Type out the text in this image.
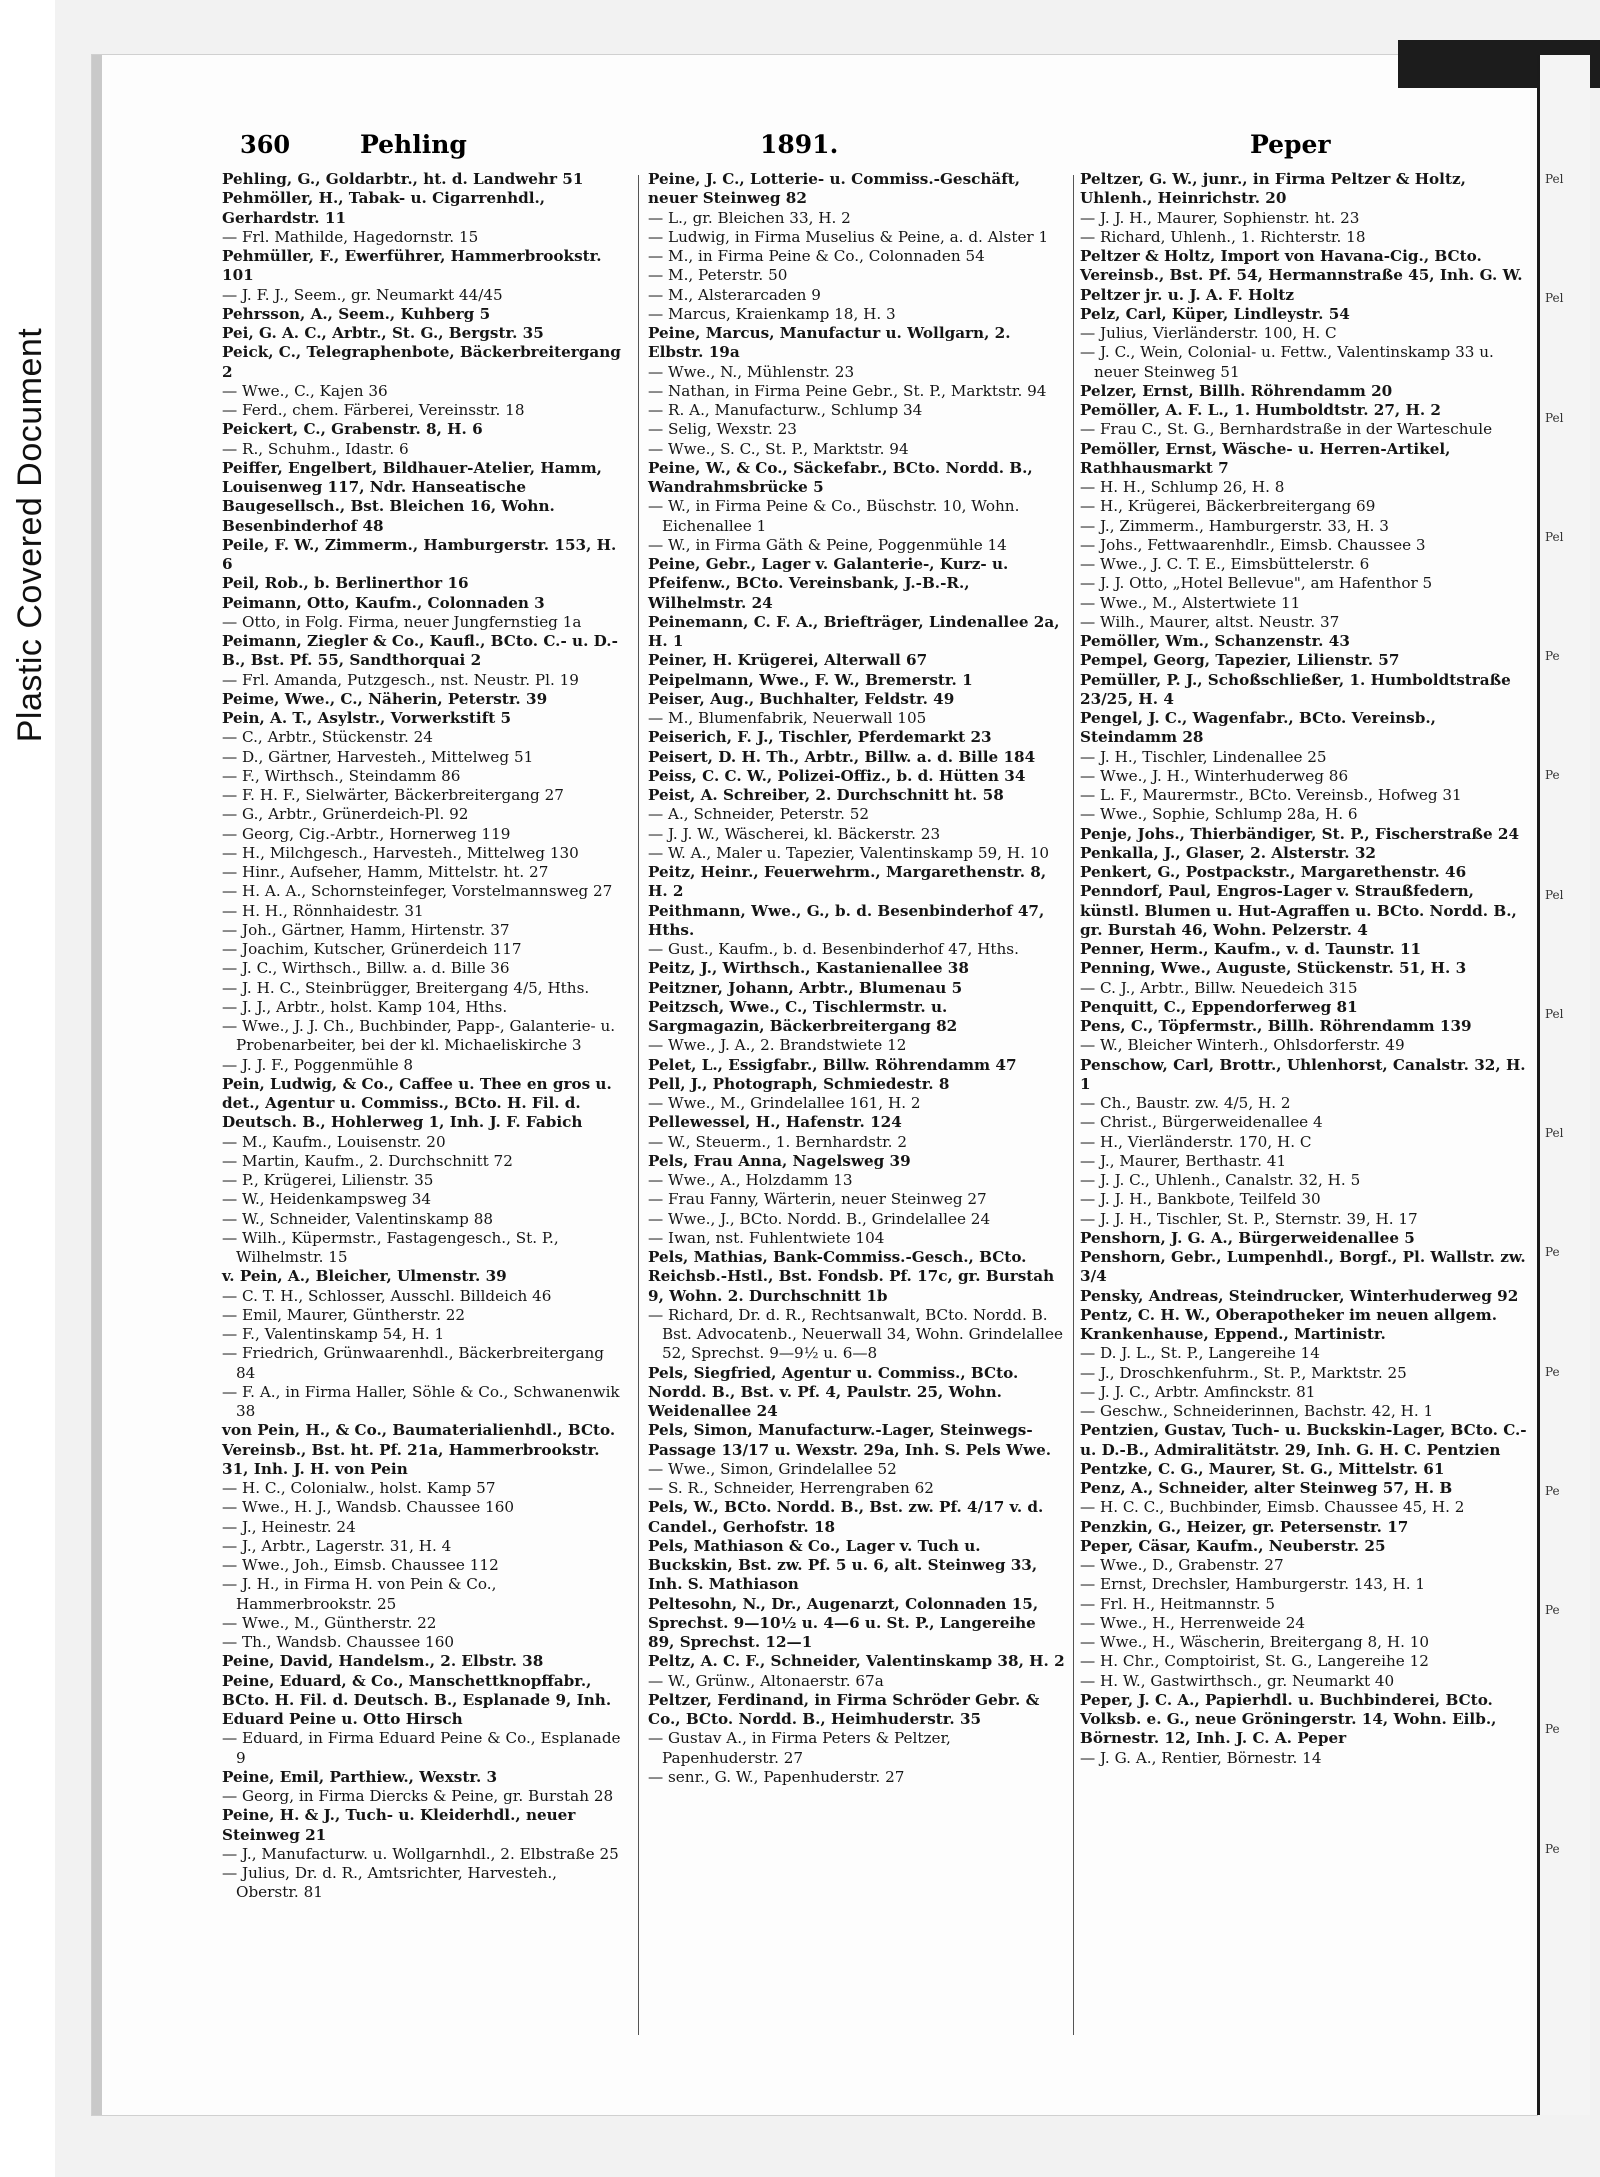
Plastic Covered Document
Pel
Pel
Pel
Pel
Pe
Pe
Pel
Pel
Pel
Pe
Pe
Pe
Pe
Pe
Pe
360	Pehling	1891.	Peper
Pehling, G., Goldarbtr., ht. d. Landwehr 51
Pehmöller, H., Tabak- u. Cigarrenhdl., Gerhardstr. 11
— Frl. Mathilde, Hagedornstr. 15
Pehmüller, F., Ewerführer, Hammerbrookstr. 101
— J. F. J., Seem., gr. Neumarkt 44/45
Pehrsson, A., Seem., Kuhberg 5
Pei, G. A. C., Arbtr., St. G., Bergstr. 35
Peick, C., Telegraphenbote, Bäckerbreitergang 2
— Wwe., C., Kajen 36
— Ferd., chem. Färberei, Vereinsstr. 18
Peickert, C., Grabenstr. 8, H. 6
— R., Schuhm., Idastr. 6
Peiffer, Engelbert, Bildhauer-Atelier, Hamm, Louisenweg 117, Ndr. Hanseatische Baugesellsch., Bst. Bleichen 16, Wohn. Besenbinderhof 48
Peile, F. W., Zimmerm., Hamburgerstr. 153, H. 6
Peil, Rob., b. Berlinerthor 16
Peimann, Otto, Kaufm., Colonnaden 3
— Otto, in Folg. Firma, neuer Jungfernstieg 1a
Peimann, Ziegler & Co., Kaufl., BCto. C.- u. D.-B., Bst. Pf. 55, Sandthorquai 2
— Frl. Amanda, Putzgesch., nst. Neustr. Pl. 19
Peime, Wwe., C., Näherin, Peterstr. 39
Pein, A. T., Asylstr., Vorwerkstift 5
— C., Arbtr., Stückenstr. 24
— D., Gärtner, Harvesteh., Mittelweg 51
— F., Wirthsch., Steindamm 86
— F. H. F., Sielwärter, Bäckerbreitergang 27
— G., Arbtr., Grünerdeich-Pl. 92
— Georg, Cig.-Arbtr., Hornerweg 119
— H., Milchgesch., Harvesteh., Mittelweg 130
— Hinr., Aufseher, Hamm, Mittelstr. ht. 27
— H. A. A., Schornsteinfeger, Vorstelmannsweg 27
— H. H., Rönnhaidestr. 31
— Joh., Gärtner, Hamm, Hirtenstr. 37
— Joachim, Kutscher, Grünerdeich 117
— J. C., Wirthsch., Billw. a. d. Bille 36
— J. H. C., Steinbrügger, Breitergang 4/5, Hths.
— J. J., Arbtr., holst. Kamp 104, Hths.
— Wwe., J. J. Ch., Buchbinder, Papp-, Galanterie- u. Probenarbeiter, bei der kl. Michaeliskirche 3
— J. J. F., Poggenmühle 8
Pein, Ludwig, & Co., Caffee u. Thee en gros u. det., Agentur u. Commiss., BCto. H. Fil. d. Deutsch. B., Hohlerweg 1, Inh. J. F. Fabich
— M., Kaufm., Louisenstr. 20
— Martin, Kaufm., 2. Durchschnitt 72
— P., Krügerei, Lilienstr. 35
— W., Heidenkampsweg 34
— W., Schneider, Valentinskamp 88
— Wilh., Küpermstr., Fastagengesch., St. P., Wilhelmstr. 15
v. Pein, A., Bleicher, Ulmenstr. 39
— C. T. H., Schlosser, Ausschl. Billdeich 46
— Emil, Maurer, Güntherstr. 22
— F., Valentinskamp 54, H. 1
— Friedrich, Grünwaarenhdl., Bäckerbreitergang 84
— F. A., in Firma Haller, Söhle & Co., Schwanenwik 38
von Pein, H., & Co., Baumaterialienhdl., BCto. Vereinsb., Bst. ht. Pf. 21a, Hammerbrookstr. 31, Inh. J. H. von Pein
— H. C., Colonialw., holst. Kamp 57
— Wwe., H. J., Wandsb. Chaussee 160
— J., Heinestr. 24
— J., Arbtr., Lagerstr. 31, H. 4
— Wwe., Joh., Eimsb. Chaussee 112
— J. H., in Firma H. von Pein & Co., Hammerbrookstr. 25
— Wwe., M., Güntherstr. 22
— Th., Wandsb. Chaussee 160
Peine, David, Handelsm., 2. Elbstr. 38
Peine, Eduard, & Co., Manschettknopffabr., BCto. H. Fil. d. Deutsch. B., Esplanade 9, Inh. Eduard Peine u. Otto Hirsch
— Eduard, in Firma Eduard Peine & Co., Esplanade 9
Peine, Emil, Parthiew., Wexstr. 3
— Georg, in Firma Diercks & Peine, gr. Burstah 28
Peine, H. & J., Tuch- u. Kleiderhdl., neuer Steinweg 21
— J., Manufacturw. u. Wollgarnhdl., 2. Elbstraße 25
— Julius, Dr. d. R., Amtsrichter, Harvesteh., Oberstr. 81
Peine, J. C., Lotterie- u. Commiss.-Geschäft, neuer Steinweg 82
— L., gr. Bleichen 33, H. 2
— Ludwig, in Firma Muselius & Peine, a. d. Alster 1
— M., in Firma Peine & Co., Colonnaden 54
— M., Peterstr. 50
— M., Alsterarcaden 9
— Marcus, Kraienkamp 18, H. 3
Peine, Marcus, Manufactur u. Wollgarn, 2. Elbstr. 19a
— Wwe., N., Mühlenstr. 23
— Nathan, in Firma Peine Gebr., St. P., Marktstr. 94
— R. A., Manufacturw., Schlump 34
— Selig, Wexstr. 23
— Wwe., S. C., St. P., Marktstr. 94
Peine, W., & Co., Säckefabr., BCto. Nordd. B., Wandrahmsbrücke 5
— W., in Firma Peine & Co., Büschstr. 10, Wohn. Eichenallee 1
— W., in Firma Gäth & Peine, Poggenmühle 14
Peine, Gebr., Lager v. Galanterie-, Kurz- u. Pfeifenw., BCto. Vereinsbank, J.-B.-R., Wilhelmstr. 24
Peinemann, C. F. A., Briefträger, Lindenallee 2a, H. 1
Peiner, H. Krügerei, Alterwall 67
Peipelmann, Wwe., F. W., Bremerstr. 1
Peiser, Aug., Buchhalter, Feldstr. 49
— M., Blumenfabrik, Neuerwall 105
Peiserich, F. J., Tischler, Pferdemarkt 23
Peisert, D. H. Th., Arbtr., Billw. a. d. Bille 184
Peiss, C. C. W., Polizei-Offiz., b. d. Hütten 34
Peist, A. Schreiber, 2. Durchschnitt ht. 58
— A., Schneider, Peterstr. 52
— J. J. W., Wäscherei, kl. Bäckerstr. 23
— W. A., Maler u. Tapezier, Valentinskamp 59, H. 10
Peitz, Heinr., Feuerwehrm., Margarethenstr. 8, H. 2
Peithmann, Wwe., G., b. d. Besenbinderhof 47, Hths.
— Gust., Kaufm., b. d. Besenbinderhof 47, Hths.
Peitz, J., Wirthsch., Kastanienallee 38
Peitzner, Johann, Arbtr., Blumenau 5
Peitzsch, Wwe., C., Tischlermstr. u. Sargmagazin, Bäckerbreitergang 82
— Wwe., J. A., 2. Brandstwiete 12
Pelet, L., Essigfabr., Billw. Röhrendamm 47
Pell, J., Photograph, Schmiedestr. 8
— Wwe., M., Grindelallee 161, H. 2
Pellewessel, H., Hafenstr. 124
— W., Steuerm., 1. Bernhardstr. 2
Pels, Frau Anna, Nagelsweg 39
— Wwe., A., Holzdamm 13
— Frau Fanny, Wärterin, neuer Steinweg 27
— Wwe., J., BCto. Nordd. B., Grindelallee 24
— Iwan, nst. Fuhlentwiete 104
Pels, Mathias, Bank-Commiss.-Gesch., BCto. Reichsb.-Hstl., Bst. Fondsb. Pf. 17c, gr. Burstah 9, Wohn. 2. Durchschnitt 1b
— Richard, Dr. d. R., Rechtsanwalt, BCto. Nordd. B. Bst. Advocatenb., Neuerwall 34, Wohn. Grindelallee 52, Sprechst. 9—9½ u. 6—8
Pels, Siegfried, Agentur u. Commiss., BCto. Nordd. B., Bst. v. Pf. 4, Paulstr. 25, Wohn. Weidenallee 24
Pels, Simon, Manufacturw.-Lager, Steinwegs-Passage 13/17 u. Wexstr. 29a, Inh. S. Pels Wwe.
— Wwe., Simon, Grindelallee 52
— S. R., Schneider, Herrengraben 62
Pels, W., BCto. Nordd. B., Bst. zw. Pf. 4/17 v. d. Candel., Gerhofstr. 18
Pels, Mathiason & Co., Lager v. Tuch u. Buckskin, Bst. zw. Pf. 5 u. 6, alt. Steinweg 33, Inh. S. Mathiason
Peltesohn, N., Dr., Augenarzt, Colonnaden 15, Sprechst. 9—10½ u. 4—6 u. St. P., Langereihe 89, Sprechst. 12—1
Peltz, A. C. F., Schneider, Valentinskamp 38, H. 2
— W., Grünw., Altonaerstr. 67a
Peltzer, Ferdinand, in Firma Schröder Gebr. & Co., BCto. Nordd. B., Heimhuderstr. 35
— Gustav A., in Firma Peters & Peltzer, Papenhuderstr. 27
— senr., G. W., Papenhuderstr. 27
Peltzer, G. W., junr., in Firma Peltzer & Holtz, Uhlenh., Heinrichstr. 20
— J. J. H., Maurer, Sophienstr. ht. 23
— Richard, Uhlenh., 1. Richterstr. 18
Peltzer & Holtz, Import von Havana-Cig., BCto. Vereinsb., Bst. Pf. 54, Hermannstraße 45, Inh. G. W. Peltzer jr. u. J. A. F. Holtz
Pelz, Carl, Küper, Lindleystr. 54
— Julius, Vierländerstr. 100, H. C
— J. C., Wein, Colonial- u. Fettw., Valentinskamp 33 u. neuer Steinweg 51
Pelzer, Ernst, Billh. Röhrendamm 20
Pemöller, A. F. L., 1. Humboldtstr. 27, H. 2
— Frau C., St. G., Bernhardstraße in der Warteschule
Pemöller, Ernst, Wäsche- u. Herren-Artikel, Rathhausmarkt 7
— H. H., Schlump 26, H. 8
— H., Krügerei, Bäckerbreitergang 69
— J., Zimmerm., Hamburgerstr. 33, H. 3
— Johs., Fettwaarenhdlr., Eimsb. Chaussee 3
— Wwe., J. C. T. E., Eimsbüttelerstr. 6
— J. J. Otto, „Hotel Bellevue", am Hafenthor 5
— Wwe., M., Alstertwiete 11
— Wilh., Maurer, altst. Neustr. 37
Pemöller, Wm., Schanzenstr. 43
Pempel, Georg, Tapezier, Lilienstr. 57
Pemüller, P. J., Schoßschließer, 1. Humboldtstraße 23/25, H. 4
Pengel, J. C., Wagenfabr., BCto. Vereinsb., Steindamm 28
— J. H., Tischler, Lindenallee 25
— Wwe., J. H., Winterhuderweg 86
— L. F., Maurermstr., BCto. Vereinsb., Hofweg 31
— Wwe., Sophie, Schlump 28a, H. 6
Penje, Johs., Thierbändiger, St. P., Fischerstraße 24
Penkalla, J., Glaser, 2. Alsterstr. 32
Penkert, G., Postpackstr., Margarethenstr. 46
Penndorf, Paul, Engros-Lager v. Straußfedern, künstl. Blumen u. Hut-Agraffen u. BCto. Nordd. B., gr. Burstah 46, Wohn. Pelzerstr. 4
Penner, Herm., Kaufm., v. d. Taunstr. 11
Penning, Wwe., Auguste, Stückenstr. 51, H. 3
— C. J., Arbtr., Billw. Neuedeich 315
Penquitt, C., Eppendorferweg 81
Pens, C., Töpfermstr., Billh. Röhrendamm 139
— W., Bleicher Winterh., Ohlsdorferstr. 49
Penschow, Carl, Brottr., Uhlenhorst, Canalstr. 32, H. 1
— Ch., Baustr. zw. 4/5, H. 2
— Christ., Bürgerweidenallee 4
— H., Vierländerstr. 170, H. C
— J., Maurer, Berthastr. 41
— J. J. C., Uhlenh., Canalstr. 32, H. 5
— J. J. H., Bankbote, Teilfeld 30
— J. J. H., Tischler, St. P., Sternstr. 39, H. 17
Penshorn, J. G. A., Bürgerweidenallee 5
Penshorn, Gebr., Lumpenhdl., Borgf., Pl. Wallstr. zw. 3/4
Pensky, Andreas, Steindrucker, Winterhuderweg 92
Pentz, C. H. W., Oberapotheker im neuen allgem. Krankenhause, Eppend., Martinistr.
— D. J. L., St. P., Langereihe 14
— J., Droschkenfuhrm., St. P., Marktstr. 25
— J. J. C., Arbtr. Amfinckstr. 81
— Geschw., Schneiderinnen, Bachstr. 42, H. 1
Pentzien, Gustav, Tuch- u. Buckskin-Lager, BCto. C.- u. D.-B., Admiralitätstr. 29, Inh. G. H. C. Pentzien
Pentzke, C. G., Maurer, St. G., Mittelstr. 61
Penz, A., Schneider, alter Steinweg 57, H. B
— H. C. C., Buchbinder, Eimsb. Chaussee 45, H. 2
Penzkin, G., Heizer, gr. Petersenstr. 17
Peper, Cäsar, Kaufm., Neuberstr. 25
— Wwe., D., Grabenstr. 27
— Ernst, Drechsler, Hamburgerstr. 143, H. 1
— Frl. H., Heitmannstr. 5
— Wwe., H., Herrenweide 24
— Wwe., H., Wäscherin, Breitergang 8, H. 10
— H. Chr., Comptoirist, St. G., Langereihe 12
— H. W., Gastwirthsch., gr. Neumarkt 40
Peper, J. C. A., Papierhdl. u. Buchbinderei, BCto. Volksb. e. G., neue Gröningerstr. 14, Wohn. Eilb., Börnestr. 12, Inh. J. C. A. Peper
— J. G. A., Rentier, Börnestr. 14
